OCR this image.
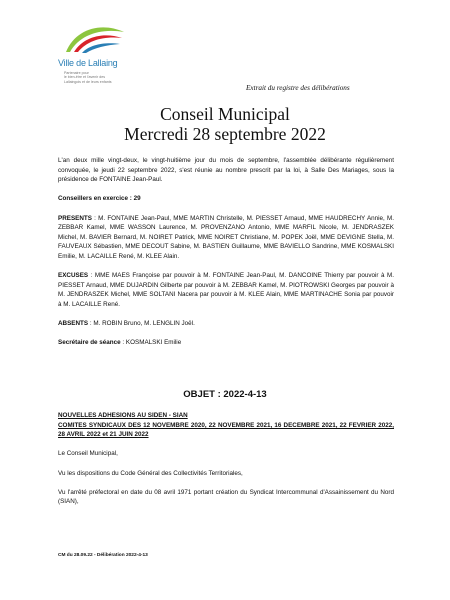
Ville de Lallaing
Partenaire pour
le bien-être et l'avenir des
Lallaingois et de leurs enfants
Extrait du registre des délibérations
Conseil Municipal
Mercredi 28 septembre 2022

L'an deux mille vingt-deux, le vingt-huitième jour du mois de septembre, l'assemblée délibérante régulièrement convoquée, le jeudi 22 septembre 2022, s'est réunie au nombre prescrit par la loi, à Salle Des Mariages, sous la présidence de FONTAINE Jean-Paul.

Conseillers en exercice : 29

PRESENTS : M. FONTAINE Jean-Paul, MME MARTIN Christelle, M. PIESSET Arnaud, MME HAUDRECHY Annie, M. ZEBBAR Kamel, MME WASSON Laurence, M. PROVENZANO Antonio, MME MARFIL Nicole, M. JENDRASZEK Michel, M. BAVIER Bernard, M. NOIRET Patrick, MME NOIRET Christiane, M. POPEK Joël, MME DEVIGNE Stella, M. FAUVEAUX Sébastien, MME DECOUT Sabine, M. BASTIEN Guillaume, MME BAVIELLO Sandrine, MME KOSMALSKI Emilie, M. LACAILLE René, M. KLEE Alain.

EXCUSES : MME MAES Françoise par pouvoir à M. FONTAINE Jean-Paul, M. DANCOINE Thierry par pouvoir à M. PIESSET Arnaud, MME DUJARDIN Gilberte par pouvoir à M. ZEBBAR Kamel, M. PIOTROWSKI Georges par pouvoir à M. JENDRASZEK Michel, MME SOLTANI Nacera par pouvoir à M. KLEE Alain, MME MARTINACHE Sonia par pouvoir à M. LACAILLE René.

ABSENTS : M. ROBIN Bruno, M. LENGLIN Joël.

Secrétaire de séance : KOSMALSKI Emilie

OBJET : 2022-4-13

NOUVELLES ADHESIONS AU SIDEN - SIAN
COMITES SYNDICAUX DES 12 NOVEMBRE 2020, 22 NOVEMBRE 2021, 16 DECEMBRE 2021, 22 FEVRIER 2022, 28 AVRIL 2022 et 21 JUIN 2022

Le Conseil Municipal,

Vu les dispositions du Code Général des Collectivités Territoriales,

Vu l'arrêté préfectoral en date du 08 avril 1971 portant création du Syndicat Intercommunal d'Assainissement du Nord (SIAN),

CM du 28.09.22 - Délibération 2022-4-13
